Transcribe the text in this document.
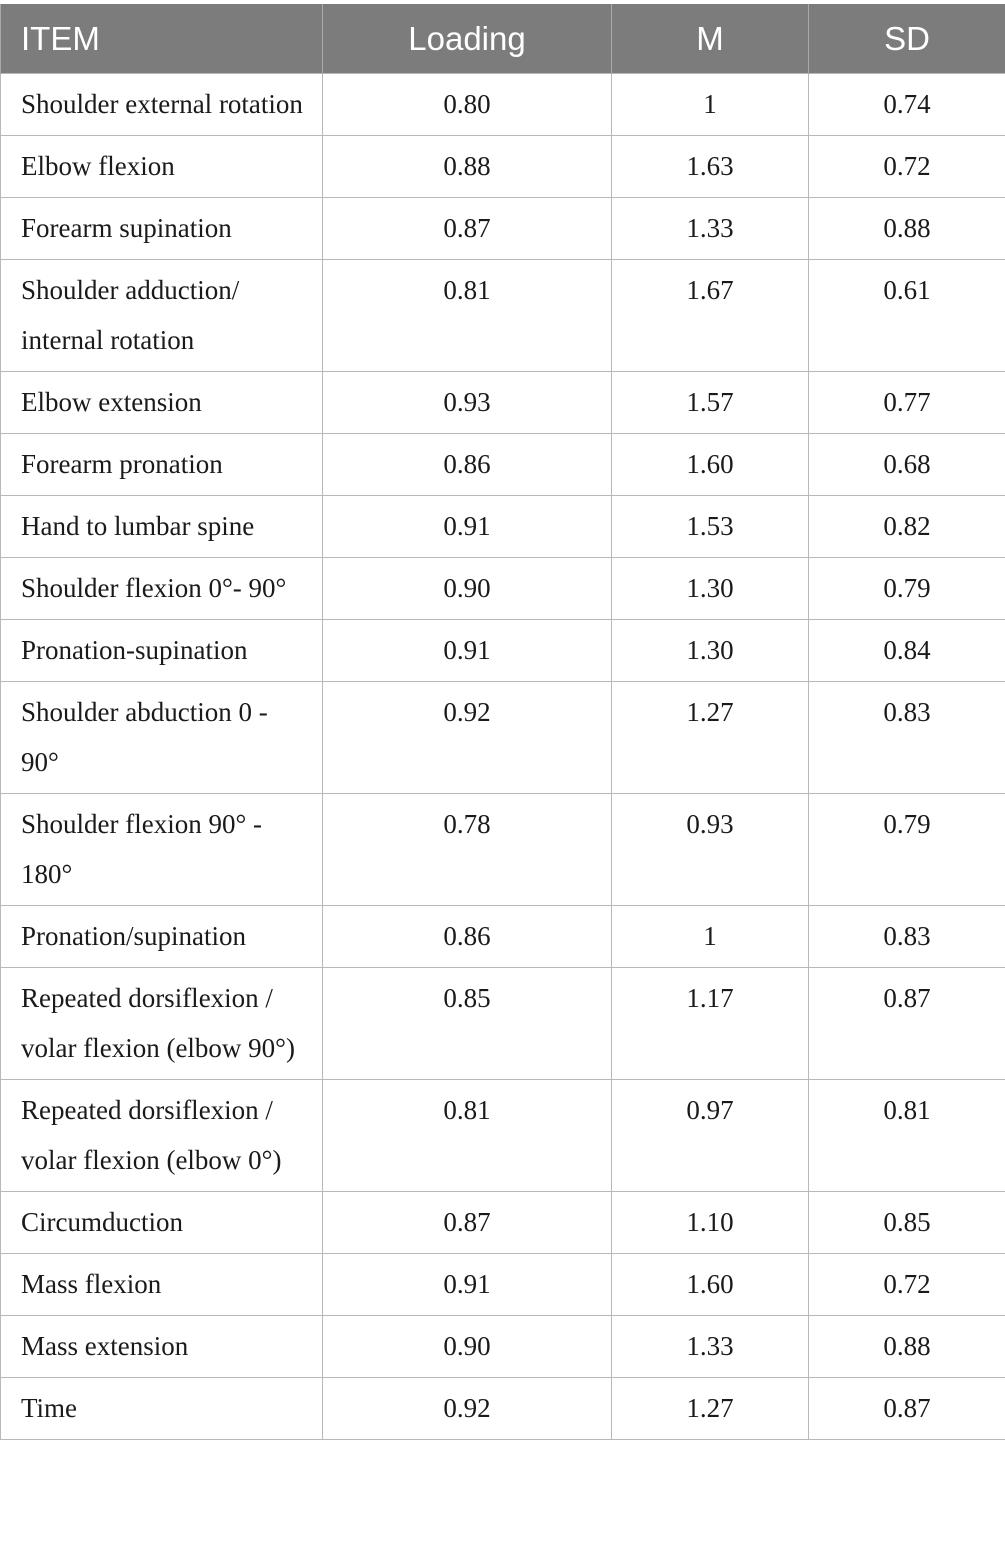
ITEM	Loading	M	SD
Shoulder external rotation	0.80	1	0.74
Elbow flexion	0.88	1.63	0.72
Forearm supination	0.87	1.33	0.88
Shoulder adduction/ internal rotation	0.81	1.67	0.61
Elbow extension	0.93	1.57	0.77
Forearm pronation	0.86	1.60	0.68
Hand to lumbar spine	0.91	1.53	0.82
Shoulder flexion 0°- 90°	0.90	1.30	0.79
Pronation-supination	0.91	1.30	0.84
Shoulder abduction 0 - 90°	0.92	1.27	0.83
Shoulder flexion 90° - 180°	0.78	0.93	0.79
Pronation/supination	0.86	1	0.83
Repeated dorsiflexion / volar flexion (elbow 90°)	0.85	1.17	0.87
Repeated dorsiflexion / volar flexion (elbow 0°)	0.81	0.97	0.81
Circumduction	0.87	1.10	0.85
Mass flexion	0.91	1.60	0.72
Mass extension	0.90	1.33	0.88
Time	0.92	1.27	0.87
